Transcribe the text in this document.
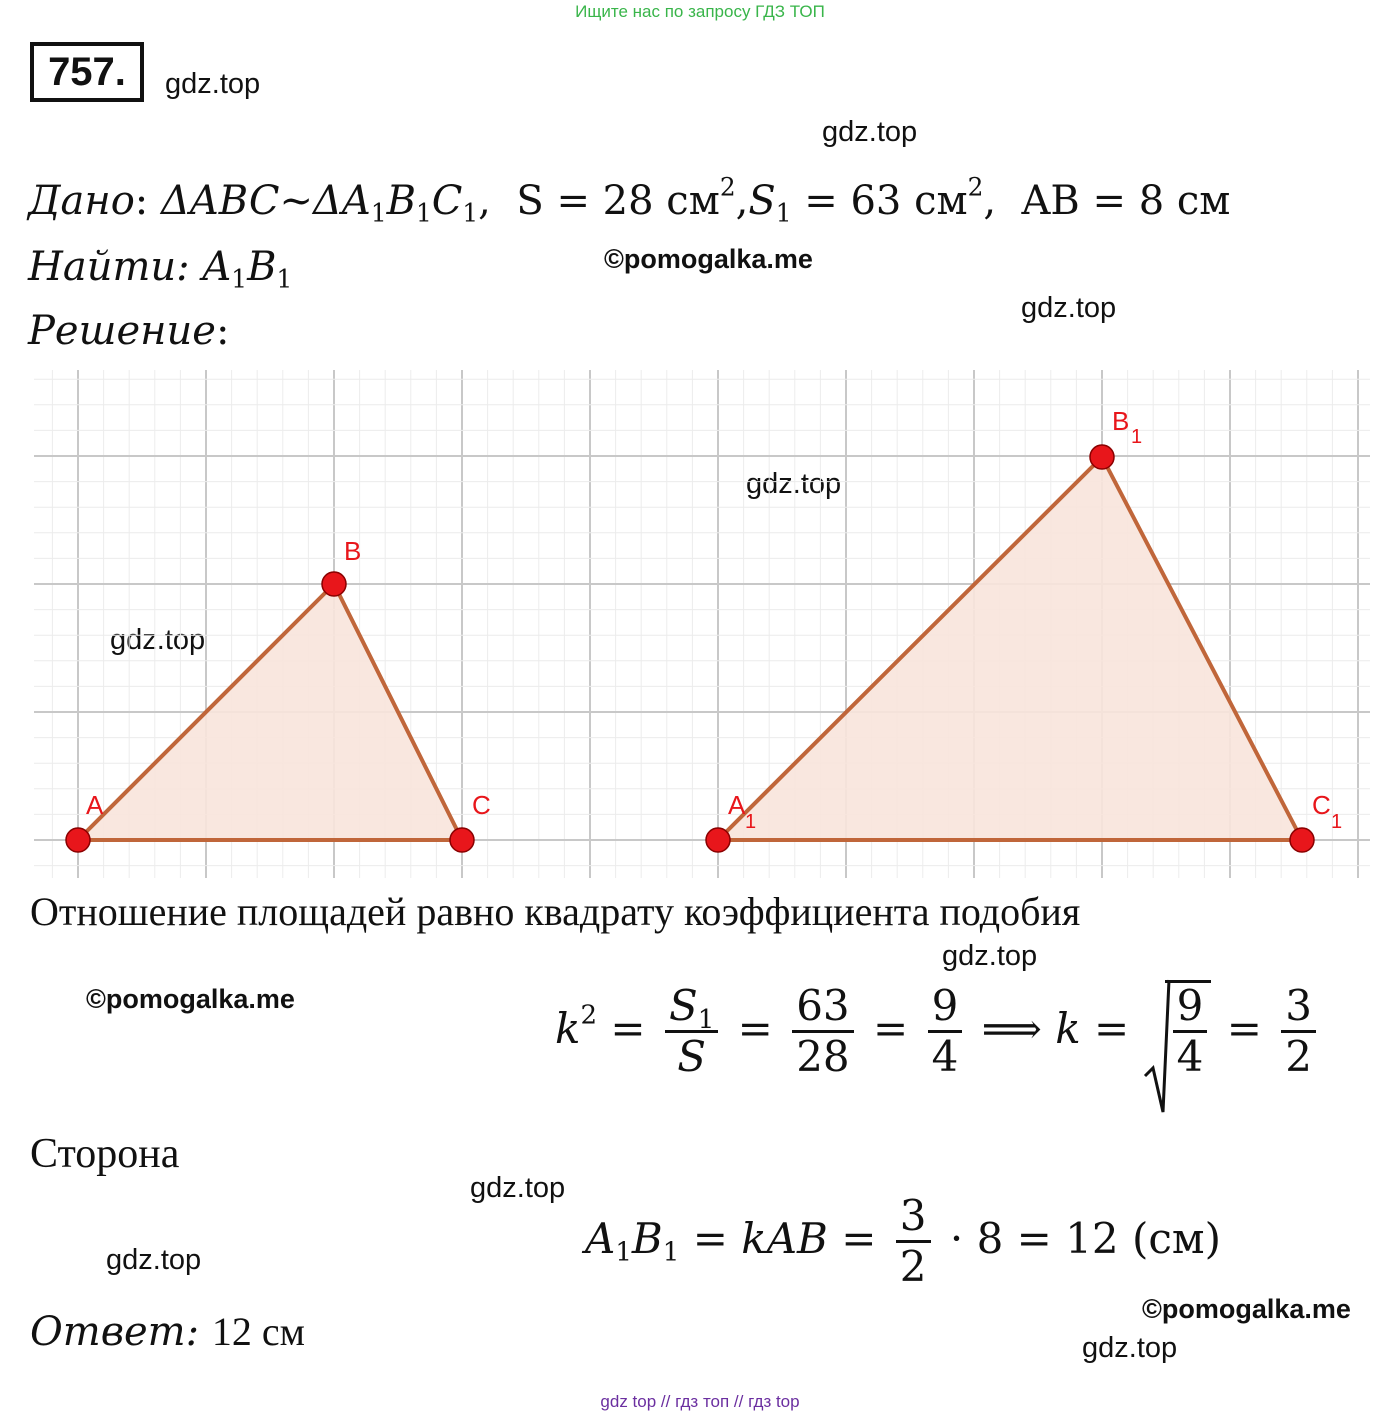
Ищите нас по запросу ГДЗ ТОП
757.	gdz.top
gdz.top
gdz.top
gdz.top
gdz.top
gdz.top
gdz.top
gdz.top
gdz.top
©pomogalka.me
©pomogalka.me
©pomogalka.me
Дано: $\Delta ABC\sim\Delta A_1B_1C_1$,  S = 28 $см^2,S_1 = 63$ $см^2$,  AB = 8 см
Найти: $A_1B_1$
Решение:
A
B
C	A
1
B
1
C
1
Отношение площадей равно квадрату коэффициента подобия
$k^2 = \frac{S_1}{S} = \frac{63}{28} = \frac{9}{4}$ ⟹ $k = \frac{9}{4} = \frac{3}{2}$
Сторона
$A_1B_1$ = kAB = $\frac{3}{2} \cdot 8 = 12$ (см)
Ответ: 12 см
gdz top // гдз топ // гдз top
